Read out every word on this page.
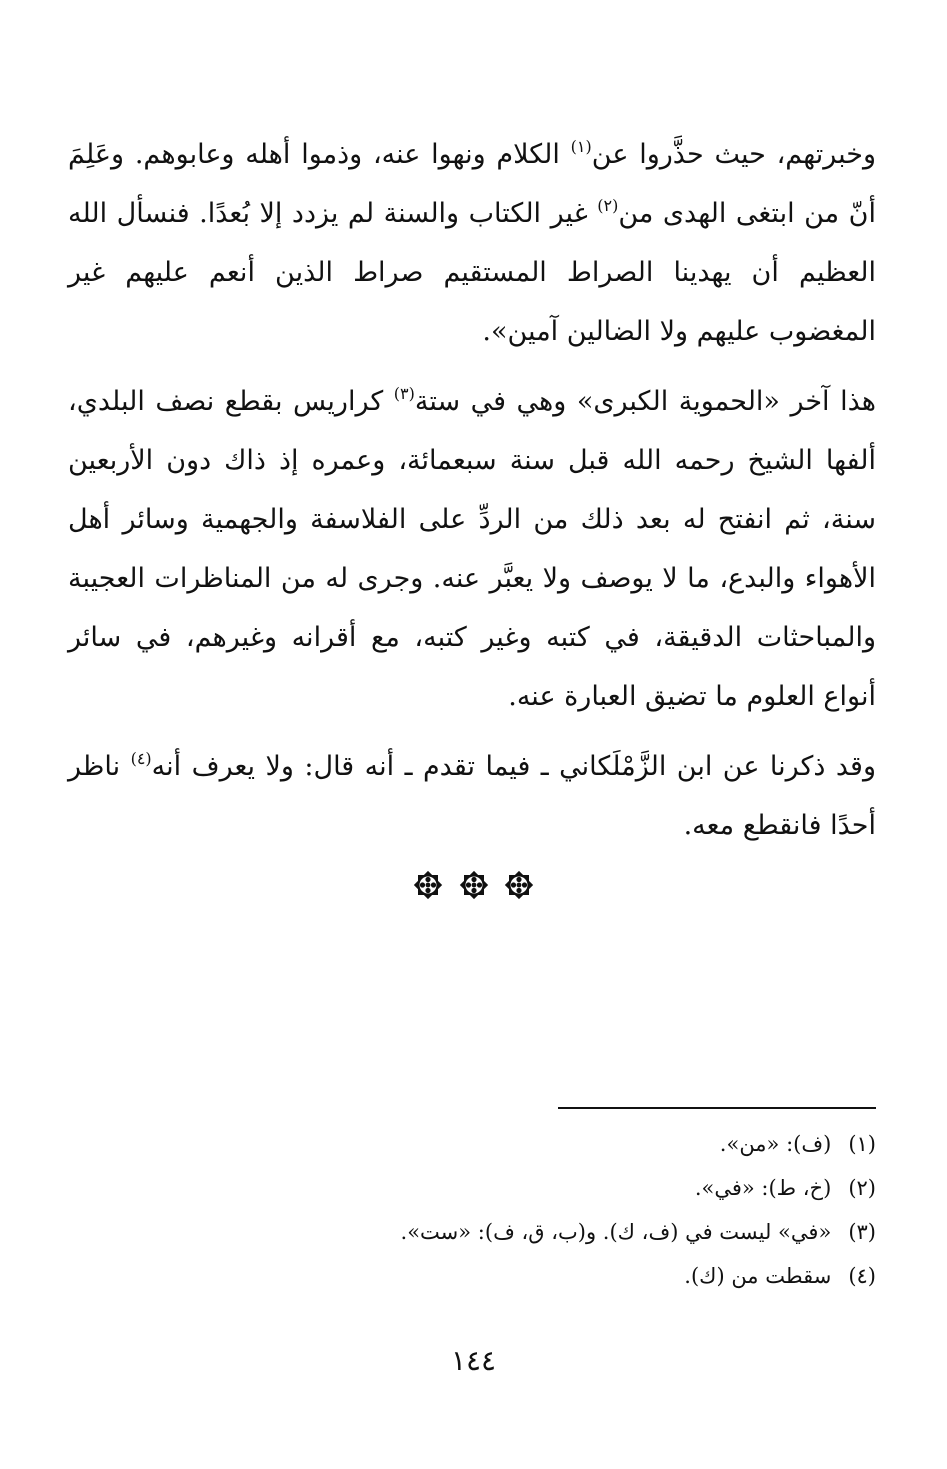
وخبرتهم، حيث حذَّروا عن$^{(١)}$ الكلام ونهوا عنه، وذموا أهله وعابوهم. وعَلِمَ أنّ من ابتغى الهدى من$^{(٢)}$ غير الكتاب والسنة لم يزدد إلا بُعدًا. فنسأل الله العظيم أن يهدينا الصراط المستقيم صراط الذين أنعم عليهم غير المغضوب عليهم ولا الضالين آمين».

هذا آخر «الحموية الكبرى» وهي في ستة$^{(٣)}$ كراريس بقطع نصف البلدي، ألفها الشيخ رحمه الله قبل سنة سبعمائة، وعمره إذ ذاك دون الأربعين سنة، ثم انفتح له بعد ذلك من الردِّ على الفلاسفة والجهمية وسائر أهل الأهواء والبدع، ما لا يوصف ولا يعبَّر عنه. وجرى له من المناظرات العجيبة والمباحثات الدقيقة، في كتبه وغير كتبه، مع أقرانه وغيرهم، في سائر أنواع العلوم ما تضيق العبارة عنه.

وقد ذكرنا عن ابن الزَّمْلَكاني ـ فيما تقدم ـ أنه قال: ولا يعرف أنه$^{(٤)}$ ناظر أحدًا فانقطع معه.

(١) (ف): «من».
(٢) (خ، ط): «في».
(٣) «في» ليست في (ف، ك). و(ب، ق، ف): «ست».
(٤) سقطت من (ك).
١٤٤
